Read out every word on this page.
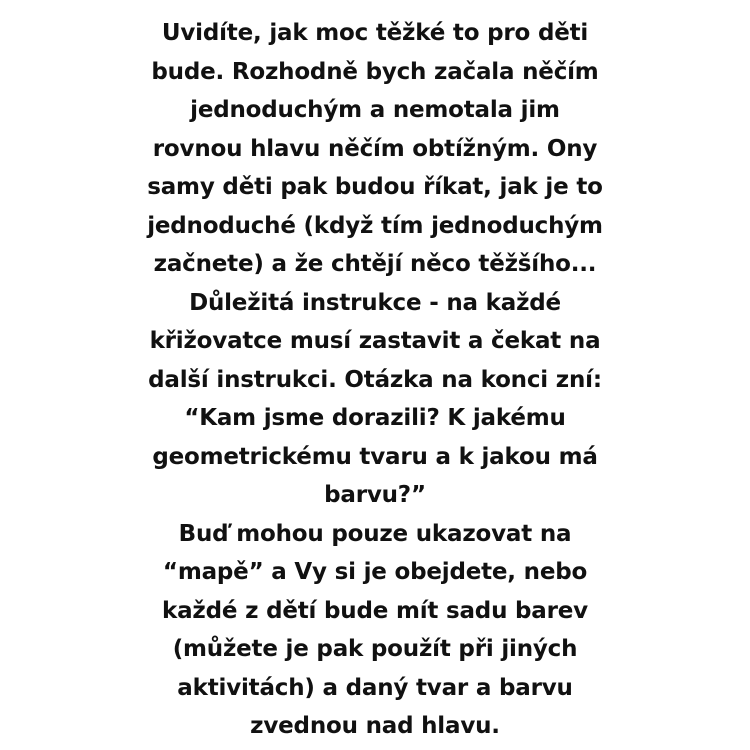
Uvidíte, jak moc těžké to pro děti
bude. Rozhodně bych začala něčím
jednoduchým a nemotala jim
rovnou hlavu něčím obtížným. Ony
samy děti pak budou říkat, jak je to
jednoduché (když tím jednoduchým
začnete) a že chtějí něco těžšího...
Důležitá instrukce - na každé
křižovatce musí zastavit a čekat na
další instrukci. Otázka na konci zní:
“Kam jsme dorazili? K jakému
geometrickému tvaru a k jakou má
barvu?”
Buď mohou pouze ukazovat na
“mapě” a Vy si je obejdete, nebo
každé z dětí bude mít sadu barev
(můžete je pak použít při jiných
aktivitách) a daný tvar a barvu
zvednou nad hlavu.
